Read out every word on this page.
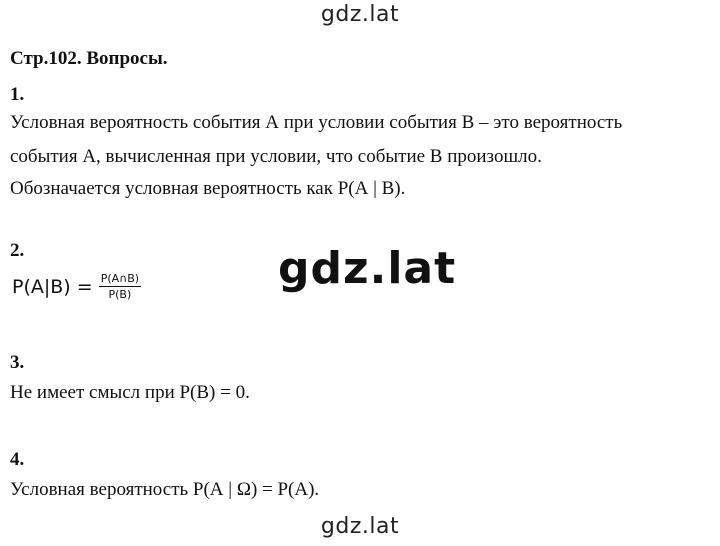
gdz.lat
Стр.102. Вопросы.
1.
Условная вероятность события А при условии события В – это вероятность
события А, вычисленная при условии, что событие В произошло.
Обозначается условная вероятность как Р(А | В).
2.
$P(A|B) = \frac{P(A\cap B)}{P(B)}$	gdz.lat
3.
Не имеет смысл при Р(В) = 0.
4.
Условная вероятность Р(А | Ω) = Р(А).
gdz.lat
